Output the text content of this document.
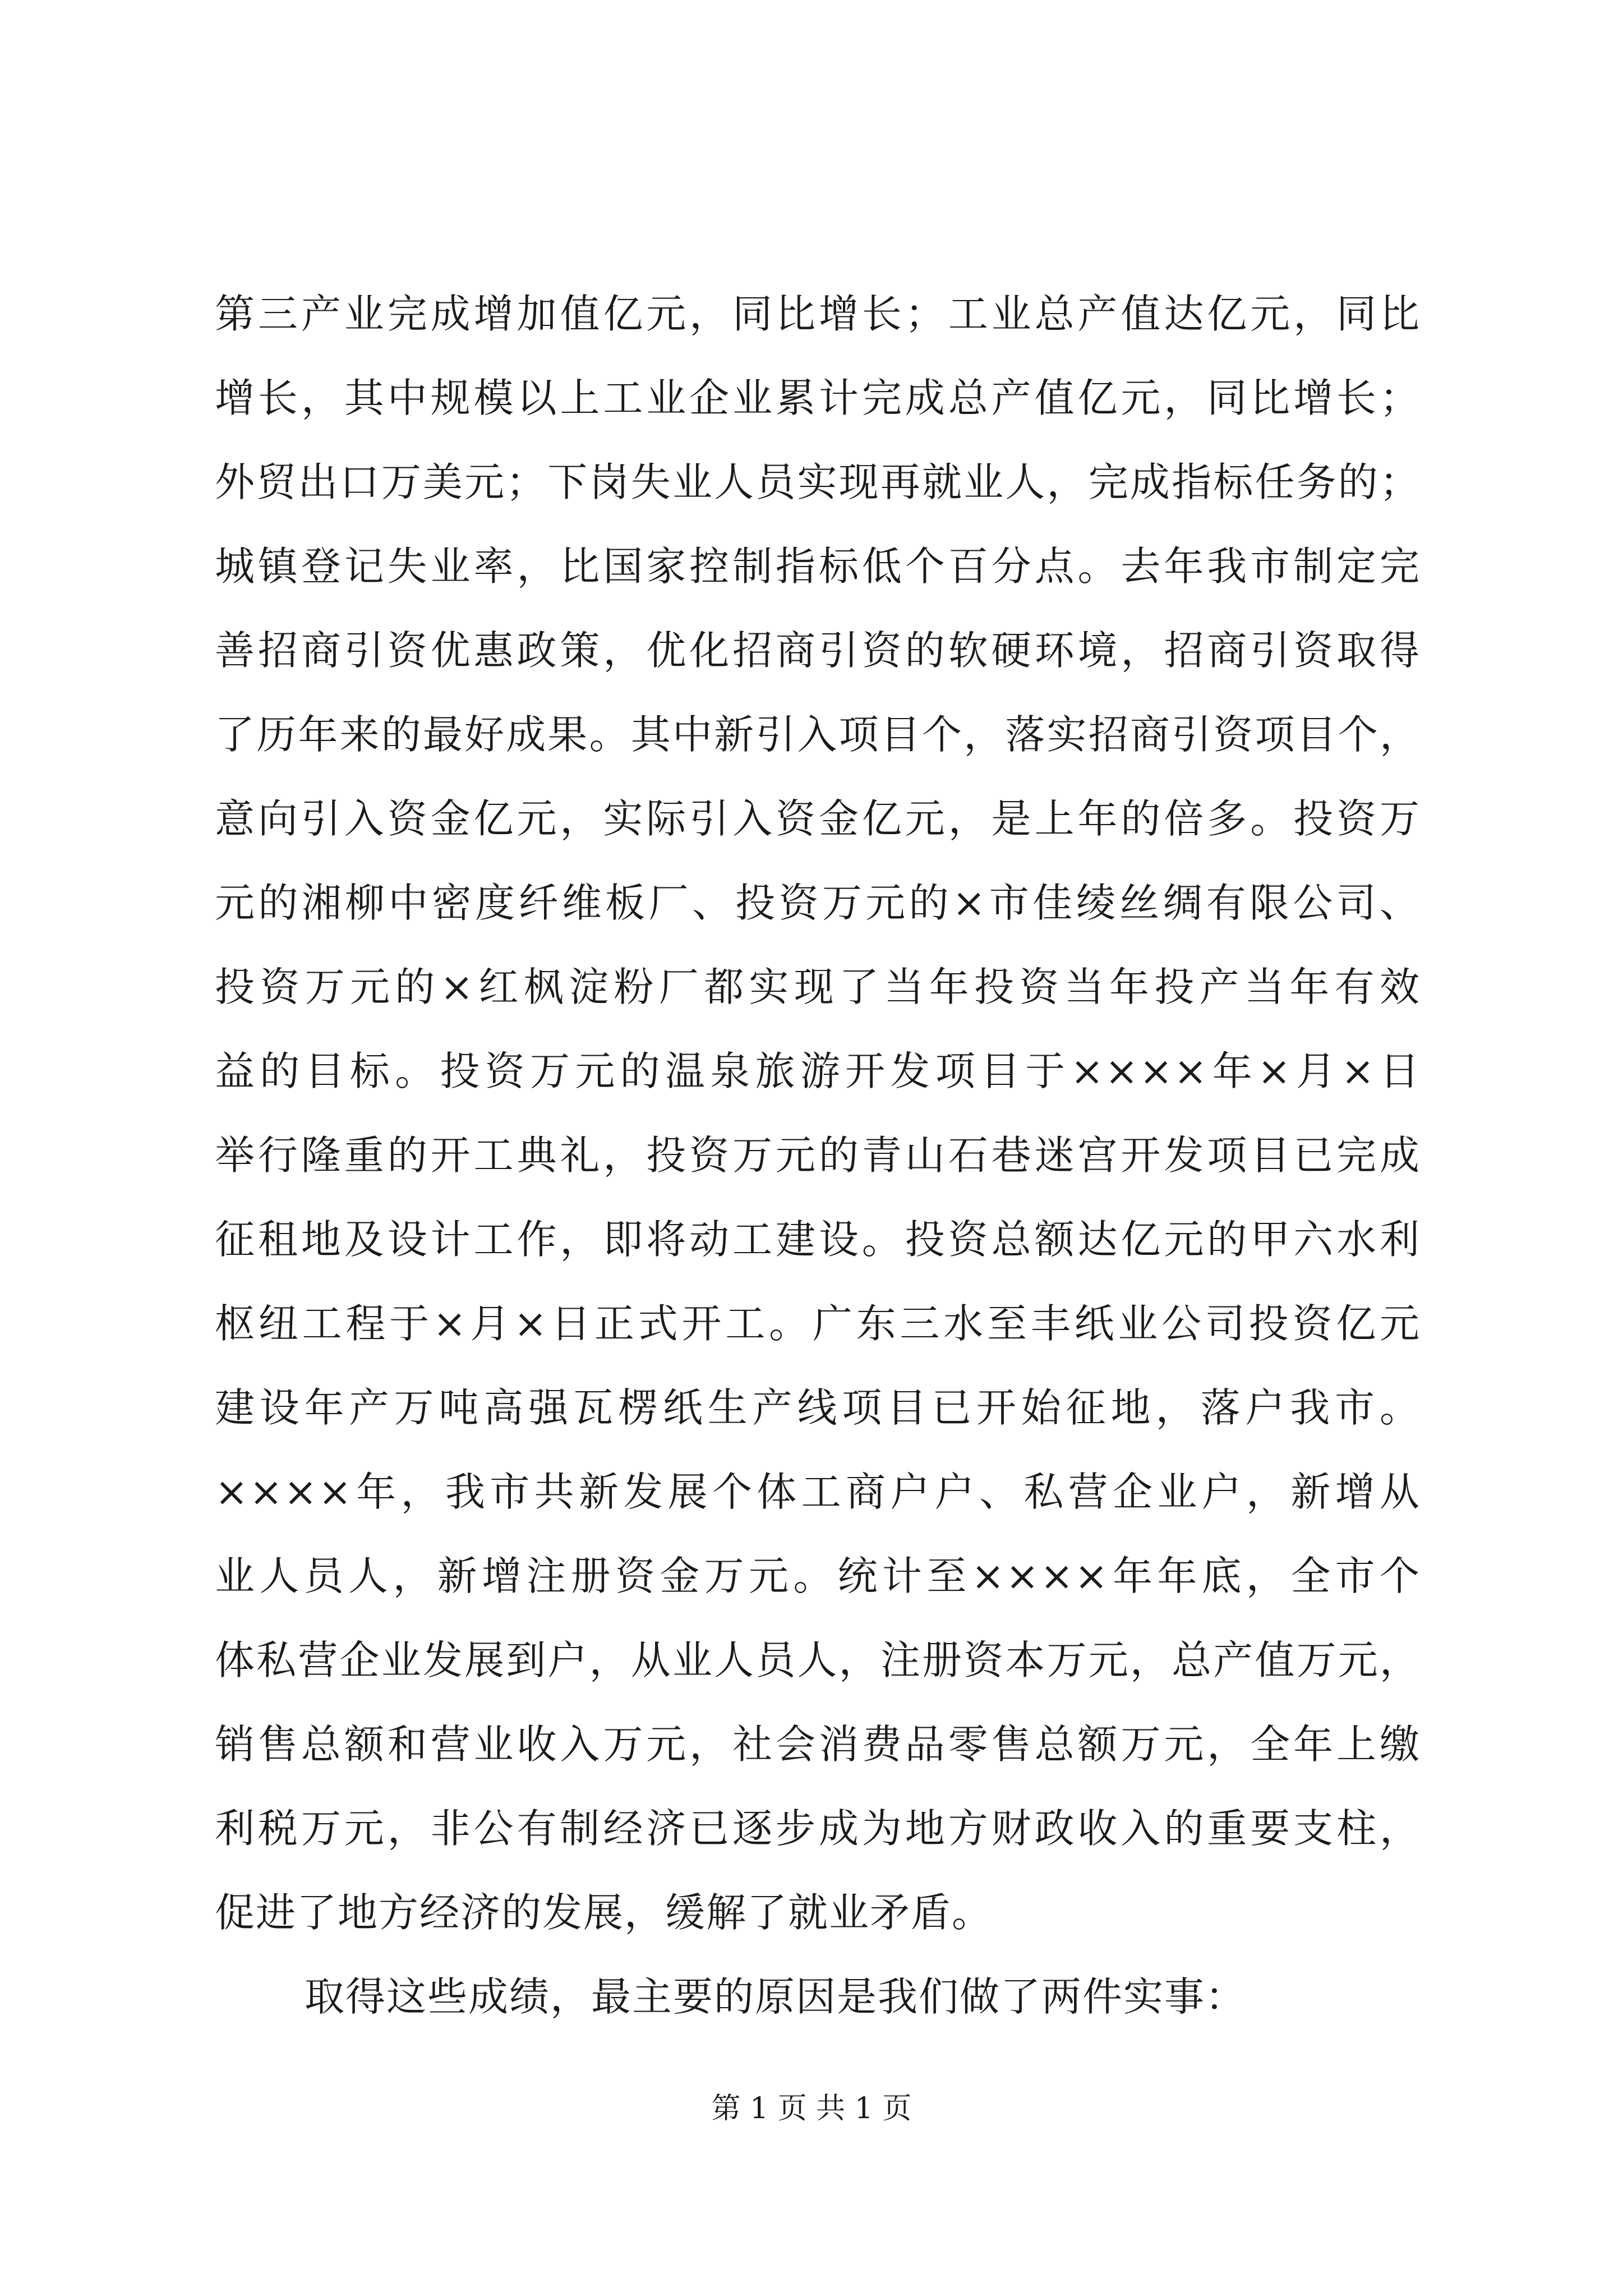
第三产业完成增加值亿元，同比增长；工业总产值达亿元，同比
增长，其中规模以上工业企业累计完成总产值亿元，同比增长；
外贸出口万美元；下岗失业人员实现再就业人，完成指标任务的；
城镇登记失业率，比国家控制指标低个百分点。去年我市制定完
善招商引资优惠政策，优化招商引资的软硬环境，招商引资取得
了历年来的最好成果。其中新引入项目个，落实招商引资项目个，
意向引入资金亿元，实际引入资金亿元，是上年的倍多。投资万
元的湘柳中密度纤维板厂、投资万元的×市佳绫丝绸有限公司、
投资万元的×红枫淀粉厂都实现了当年投资当年投产当年有效
益的目标。投资万元的温泉旅游开发项目于××××年×月×日
举行隆重的开工典礼，投资万元的青山石巷迷宫开发项目已完成
征租地及设计工作，即将动工建设。投资总额达亿元的甲六水利
枢纽工程于×月×日正式开工。广东三水至丰纸业公司投资亿元
建设年产万吨高强瓦楞纸生产线项目已开始征地，落户我市。
××××年，我市共新发展个体工商户户、私营企业户，新增从
业人员人，新增注册资金万元。统计至××××年年底，全市个
体私营企业发展到户，从业人员人，注册资本万元，总产值万元，
销售总额和营业收入万元，社会消费品零售总额万元，全年上缴
利税万元，非公有制经济已逐步成为地方财政收入的重要支柱，
促进了地方经济的发展，缓解了就业矛盾。
取得这些成绩，最主要的原因是我们做了两件实事：
第 1 页 共 1 页
